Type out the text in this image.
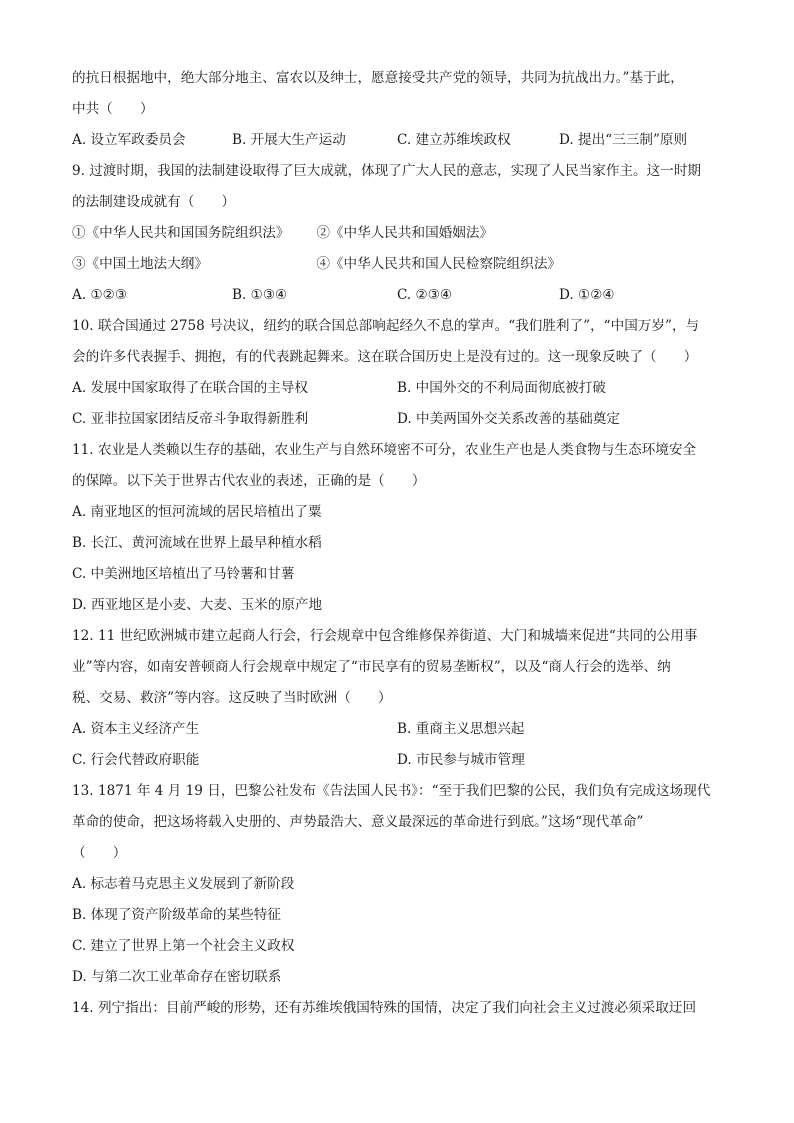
的抗日根据地中，绝大部分地主、富农以及绅士，愿意接受共产党的领导，共同为抗战出力。”基于此，
中共（　　）
A. 设立军政委员会	B. 开展大生产运动	C. 建立苏维埃政权	D. 提出“三三制”原则
9. 过渡时期，我国的法制建设取得了巨大成就，体现了广大人民的意志，实现了人民当家作主。这一时期
的法制建设成就有（　　）
①《中华人民共和国国务院组织法》 ②《中华人民共和国婚姻法》
③《中国土地法大纲》	④《中华人民共和国人民检察院组织法》
A. ①②③	B. ①③④	C. ②③④	D. ①②④
10. 联合国通过 2758 号决议，纽约的联合国总部响起经久不息的掌声。“我们胜利了”，“中国万岁”，与
会的许多代表握手、拥抱，有的代表跳起舞来。这在联合国历史上是没有过的。这一现象反映了（　　）
A. 发展中国家取得了在联合国的主导权	B. 中国外交的不利局面彻底被打破
C. 亚非拉国家团结反帝斗争取得新胜利	D. 中美两国外交关系改善的基础奠定
11. 农业是人类赖以生存的基础，农业生产与自然环境密不可分，农业生产也是人类食物与生态环境安全
的保障。以下关于世界古代农业的表述，正确的是（　　）
A. 南亚地区的恒河流域的居民培植出了粟
B. 长江、黄河流域在世界上最早种植水稻
C. 中美洲地区培植出了马铃薯和甘薯
D. 西亚地区是小麦、大麦、玉米的原产地
12. 11 世纪欧洲城市建立起商人行会，行会规章中包含维修保养街道、大门和城墙来促进“共同的公用事
业”等内容，如南安普顿商人行会规章中规定了“市民享有的贸易垄断权”，以及“商人行会的选举、纳
税、交易、救济”等内容。这反映了当时欧洲（　　）
A. 资本主义经济产生	B. 重商主义思想兴起
C. 行会代替政府职能	D. 市民参与城市管理
13. 1871 年 4 月 19 日，巴黎公社发布《告法国人民书》：“至于我们巴黎的公民，我们负有完成这场现代
革命的使命，把这场将载入史册的、声势最浩大、意义最深远的革命进行到底。”这场“现代革命”
（　　）
A. 标志着马克思主义发展到了新阶段
B. 体现了资产阶级革命的某些特征
C. 建立了世界上第一个社会主义政权
D. 与第二次工业革命存在密切联系
14. 列宁指出：目前严峻的形势，还有苏维埃俄国特殊的国情，决定了我们向社会主义过渡必须采取迂回
